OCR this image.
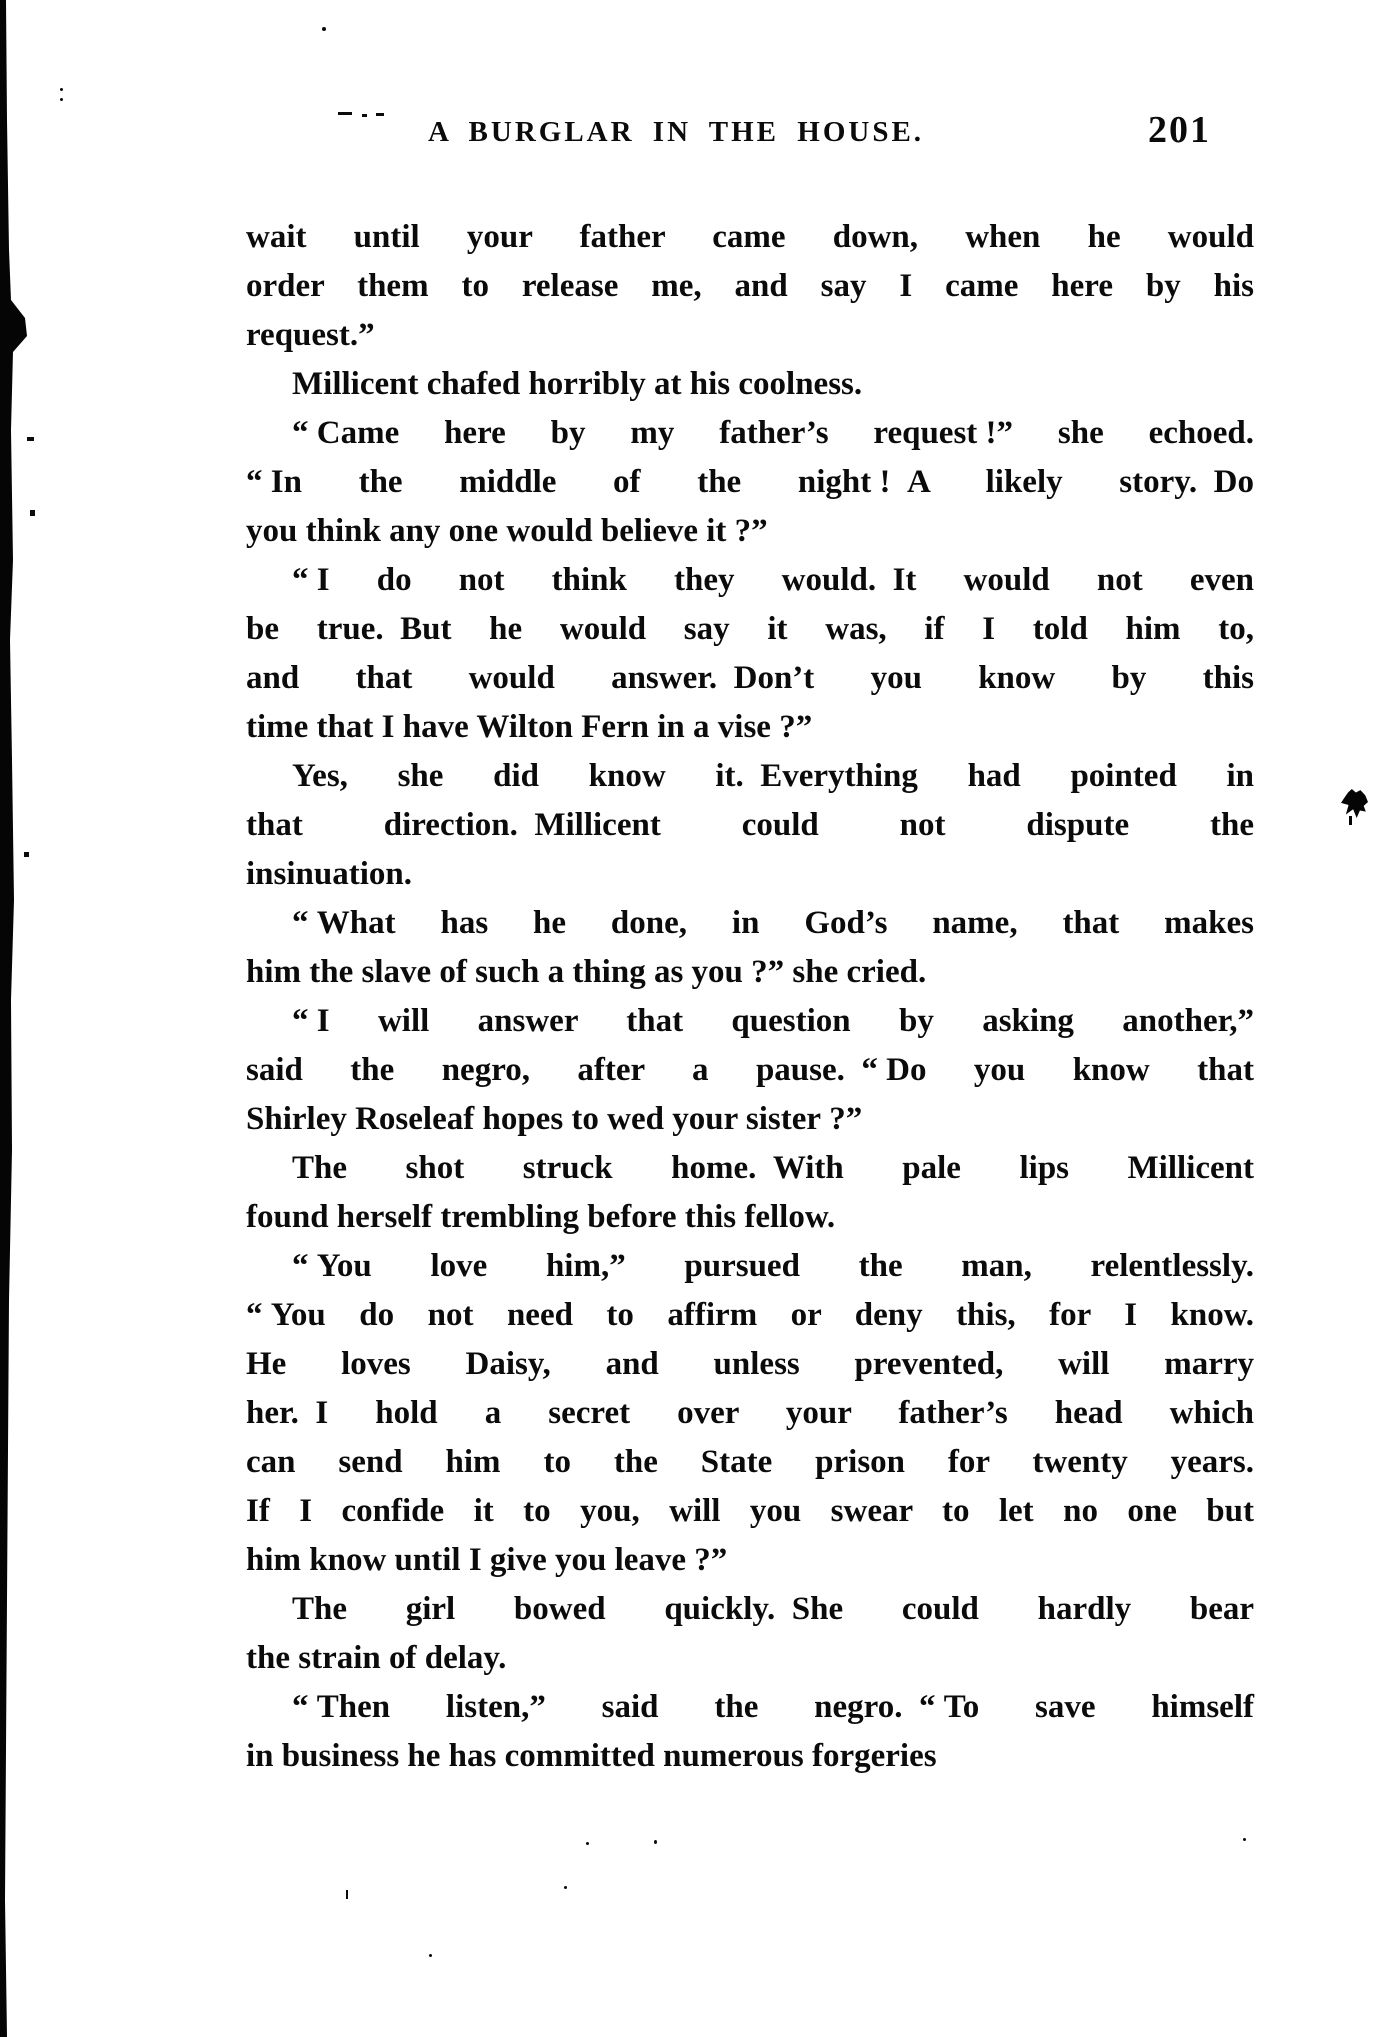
A BURGLAR IN THE HOUSE.	201
wait until your father came down, when he would
order them to release me, and say I came here by his
request.”
Millicent chafed horribly at his coolness.
“ Came here by my father’s request !” she echoed.
“ In the middle of the night ! A likely story. Do
you think any one would believe it ?”
“ I do not think they would. It would not even
be true. But he would say it was, if I told him to,
and that would answer. Don’t you know by this
time that I have Wilton Fern in a vise ?”
Yes, she did know it. Everything had pointed in
that direction. Millicent could not dispute the
insinuation.
“ What has he done, in God’s name, that makes
him the slave of such a thing as you ?” she cried.
“ I will answer that question by asking another,”
said the negro, after a pause. “ Do you know that
Shirley Roseleaf hopes to wed your sister ?”
The shot struck home. With pale lips Millicent
found herself trembling before this fellow.
“ You love him,” pursued the man, relentlessly.
“ You do not need to affirm or deny this, for I know.
He loves Daisy, and unless prevented, will marry
her. I hold a secret over your father’s head which
can send him to the State prison for twenty years.
If I confide it to you, will you swear to let no one but
him know until I give you leave ?”
The girl bowed quickly. She could hardly bear
the strain of delay.
“ Then listen,” said the negro. “ To save himself
in business he has committed numerous forgeries
